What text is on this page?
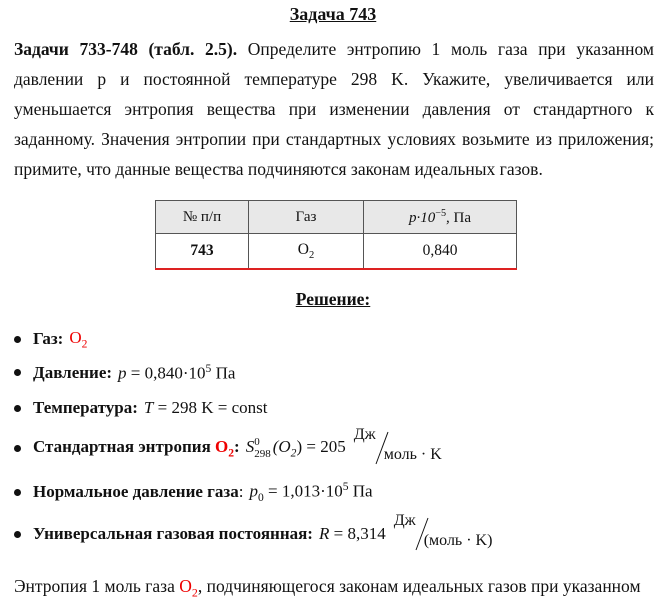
Задача 743
Задачи 733-748 (табл. 2.5). Определите энтропию 1 моль газа при указанном давлении p и постоянной температуре 298 K. Укажите, увеличивается или уменьшается энтропия вещества при изменении давления от стандартного к заданному. Значения энтропии при стандартных условиях возьмите из приложения; примите, что данные вещества подчиняются законам идеальных газов.
№ п/п	Газ	$p\cdot 10^{-5}$, Па
743	$O_2$	0,840
Решение:
Газ: $O_2$
Давление: $p = 0,840\cdot 10^5$ Па
Температура: T = 298 K = const
Стандартная энтропия $O_2$: S 0
298 $(O_2) = 205$
Дж
моль · K
Нормальное давление газа: $p_0 = 1,013\cdot 10^5$ Па
Универсальная газовая постоянная: R = 8,314
Дж
(моль · K)
Энтропия 1 моль газа $O_2$, подчиняющегося законам идеальных газов при указанном
